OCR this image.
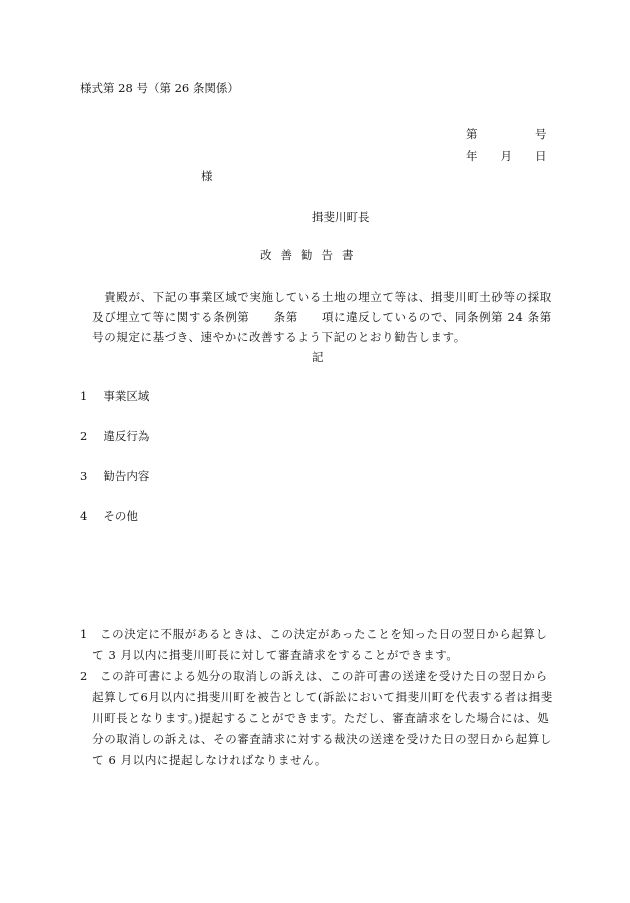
様式第 28 号（第 26 条関係）
第　　　　　号
年　　月　　日
様
揖斐川町長
改善勧告書
　　貴殿が、下記の事業区域で実施している土地の埋立て等は、揖斐川町土砂等の採取
　及び埋立て等に関する条例第　　条第　　項に違反しているので、同条例第 24 条第
　号の規定に基づき、速やかに改善するよう下記のとおり勧告します。
記
1 事業区域
2 違反行為
3 勧告内容
4 その他
1　この決定に不服があるときは、この決定があったことを知った日の翌日から起算し
　て 3 月以内に揖斐川町長に対して審査請求をすることができます。
2　この許可書による処分の取消しの訴えは、この許可書の送達を受けた日の翌日から
　起算して6月以内に揖斐川町を被告として(訴訟において揖斐川町を代表する者は揖斐
　川町長となります。)提起することができます。ただし、審査請求をした場合には、処
　分の取消しの訴えは、その審査請求に対する裁決の送達を受けた日の翌日から起算し
　て 6 月以内に提起しなければなりません。
